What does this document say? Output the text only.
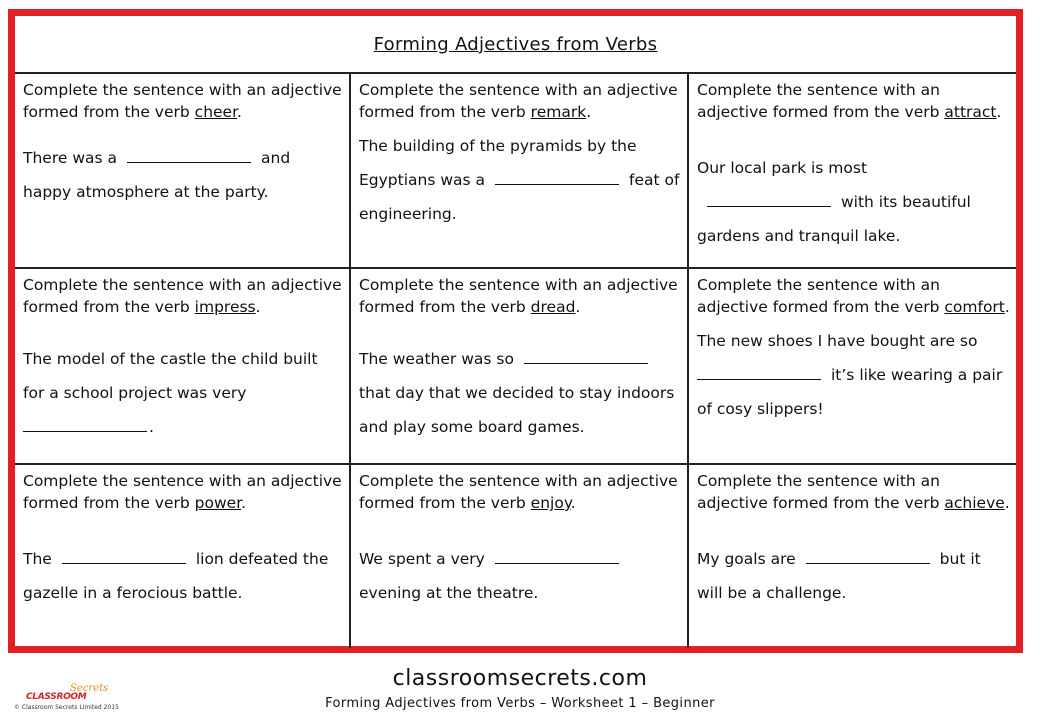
Forming Adjectives from Verbs
Complete the sentence with an adjective formed from the verb cheer.
There was a	and happy atmosphere at the party.
Complete the sentence with an adjective formed from the verb remark.
The building of the pyramids by the Egyptians was a	feat of engineering.
Complete the sentence with an adjective formed from the verb attract.
Our local park is mostwith its beautiful gardens and tranquil lake.
Complete the sentence with an adjective formed from the verb impress.
The model of the castle the child built for a school project was very .
Complete the sentence with an adjective formed from the verb dread.
The weather was sothat day that we decided to stay indoors and play some board games.
Complete the sentence with an adjective formed from the verb comfort.
The new shoes I have bought are so it’s like wearing a pair of cosy slippers!
Complete the sentence with an adjective formed from the verb power.
The	lion defeated the gazelle in a ferocious battle.
Complete the sentence with an adjective formed from the verb enjoy.
We spent a veryevening at the theatre.
Complete the sentence with an adjective formed from the verb achieve.
My goals are	but it will be a challenge.
CLASSROOM
Secrets
© Classroom Secrets Limited 2015
classroomsecrets.com
Forming Adjectives from Verbs – Worksheet 1 – Beginner
